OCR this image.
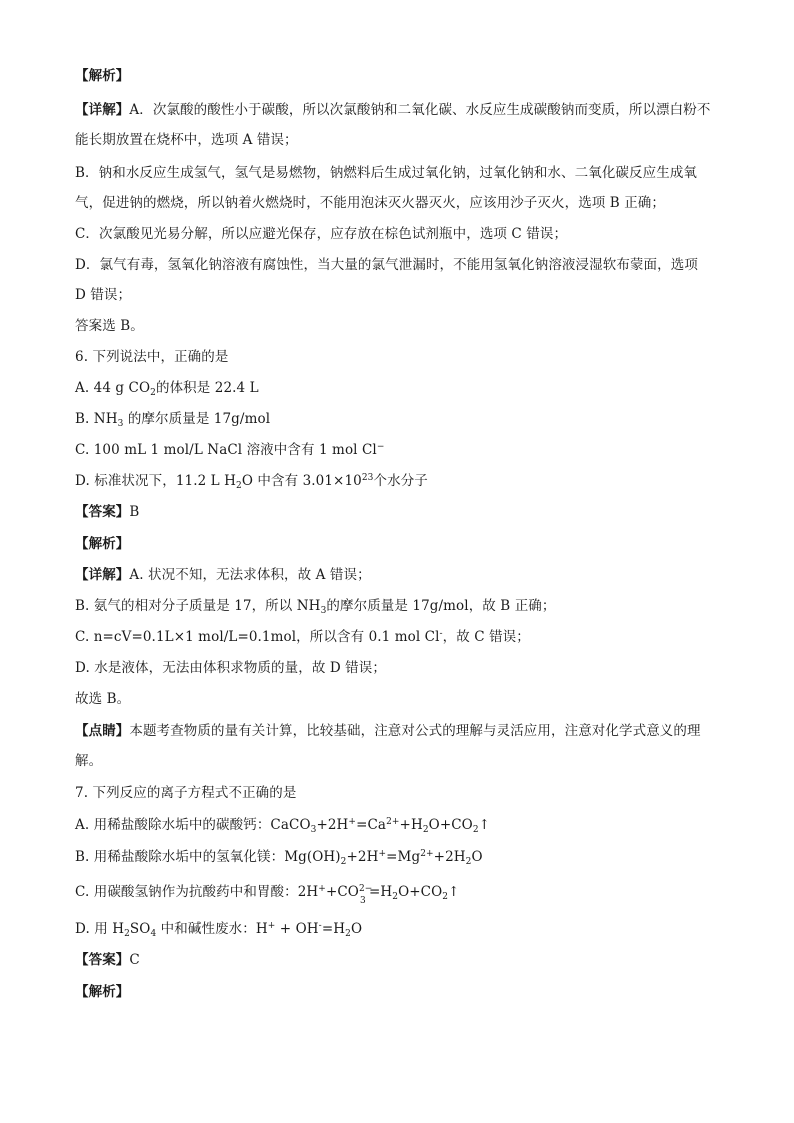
【解析】
【详解】A．次氯酸的酸性小于碳酸，所以次氯酸钠和二氧化碳、水反应生成碳酸钠而变质，所以漂白粉不
能长期放置在烧杯中，选项 A 错误；
B．钠和水反应生成氢气，氢气是易燃物，钠燃料后生成过氧化钠，过氧化钠和水、二氧化碳反应生成氧
气，促进钠的燃烧，所以钠着火燃烧时，不能用泡沫灭火器灭火，应该用沙子灭火，选项 B 正确；
C．次氯酸见光易分解，所以应避光保存，应存放在棕色试剂瓶中，选项 C 错误；
D．氯气有毒，氢氧化钠溶液有腐蚀性，当大量的氯气泄漏时，不能用氢氧化钠溶液浸湿软布蒙面，选项
D 错误；
答案选 B。
6. 下列说法中，正确的是
A. 44 g $CO_2$的体积是 22.4 L
B. $NH_3$ 的摩尔质量是 17g/mol
C. 100 mL 1 mol/L NaCl 溶液中含有 1 mol Cl−
D. 标准状况下，11.2 L $H_2O$ 中含有 $3.01\times 10^{23}$个水分子
【答案】B
【解析】
【详解】A. 状况不知，无法求体积，故 A 错误；
B. 氨气的相对分子质量是 17，所以 $NH_3$的摩尔质量是 17g/mol，故 B 正确；
C. n=cV=0.1L×1 mol/L=0.1mol，所以含有 0.1 mol Cl-，故 C 错误；
D. 水是液体，无法由体积求物质的量，故 D 错误；
故选 B。
【点睛】本题考查物质的量有关计算，比较基础，注意对公式的理解与灵活应用，注意对化学式意义的理
解。
7. 下列反应的离子方程式不正确的是
A. 用稀盐酸除水垢中的碳酸钙：$CaCO_3+2H^+=Ca^{2+}+H_2O+CO_2↑$
B. 用稀盐酸除水垢中的氢氧化镁：$Mg(OH)_2+2H^+=Mg^{2+}+2H_2O$
C. 用碳酸氢钠作为抗酸药中和胃酸：2H++CO 2−
3
$=H_2O+CO_2↑$
D. 用 $H_2SO_4$ 中和碱性废水：$H^+ + OH^-=H_2O$
【答案】C
【解析】
